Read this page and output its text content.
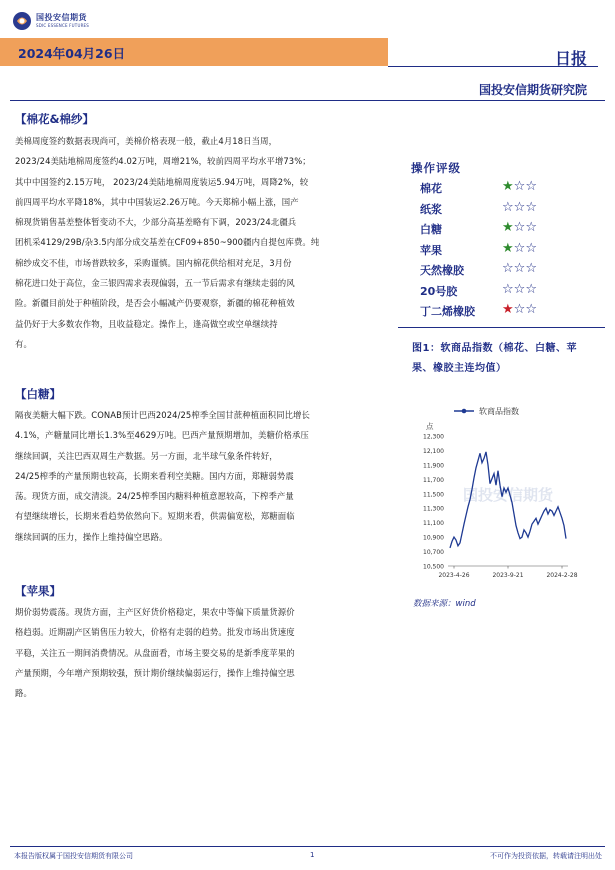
国投安信期货
SDIC ESSENCE FUTURES
2024年04月26日	日报
国投安信期货研究院
【棉花&棉纱】
美棉周度签约数据表现尚可，美棉价格表现一般，截止4月18日当周，
2023/24美陆地棉周度签约4.02万吨，周增21%，较前四周平均水平增73%；
其中中国签约2.15万吨， 2023/24美陆地棉周度装运5.94万吨，周降2%，较
前四周平均水平降18%，其中中国装运2.26万吨。今天郑棉小幅上涨，国产
棉现货销售基差整体暂变动不大，少部分高基差略有下调，2023/24北疆兵
团机采4129/29B/杂3.5内部分成交基差在CF09+850~900疆内自提包库费。纯
棉纱成交不佳，市场普跌较多，采购谨慎。国内棉花供给相对充足，3月份
棉花进口处于高位，金三银四需求表现偏弱，五一节后需求有继续走弱的风
险。新疆目前处于种植阶段，是否会小幅减产仍要观察，新疆的棉花种植效
益仍好于大多数农作物，且收益稳定。操作上，逢高做空或空单继续持
有。
【白糖】
隔夜美糖大幅下跌。CONAB预计巴西2024/25榨季全国甘蔗种植面积同比增长
4.1%，产糖量同比增长1.3%至4629万吨。巴西产量预期增加，美糖价格承压
继续回调，关注巴西双周生产数据。另一方面，北半球气象条件转好，
24/25榨季的产量预期也较高，长期来看利空美糖。国内方面，郑糖弱势震
荡。现货方面，成交清淡。24/25榨季国内糖料种植意愿较高，下榨季产量
有望继续增长，长期来看趋势依然向下。短期来看，供需偏宽松，郑糖面临
继续回调的压力，操作上维持偏空思路。
【苹果】
期价弱势震荡。现货方面，主产区好货价格稳定，果农中等偏下质量货源价
格趋弱。近期副产区销售压力较大，价格有走弱的趋势。批发市场出货速度
平稳，关注五一期间消费情况。从盘面看，市场主要交易的是新季度苹果的
产量预期，今年增产预期较强，预计期价继续偏弱运行，操作上维持偏空思
路。
操作评级
棉花	★☆☆
纸浆	☆☆☆
白糖	★☆☆
苹果	★☆☆
天然橡胶	☆☆☆
20号胶	☆☆☆
丁二烯橡胶 ★☆☆
图1：软商品指数（棉花、白糖、苹果、橡胶主连均值）
国投安信期货
软商品指数
点
10,500
10,700
10,900
11,100
11,300
11,500
11,700
11,900
12,100
12,300
2023-4-26	2023-9-21	2024-2-28
数据来源：wind
本报告版权属于国投安信期货有限公司	1	不可作为投资依据，转载请注明出处
